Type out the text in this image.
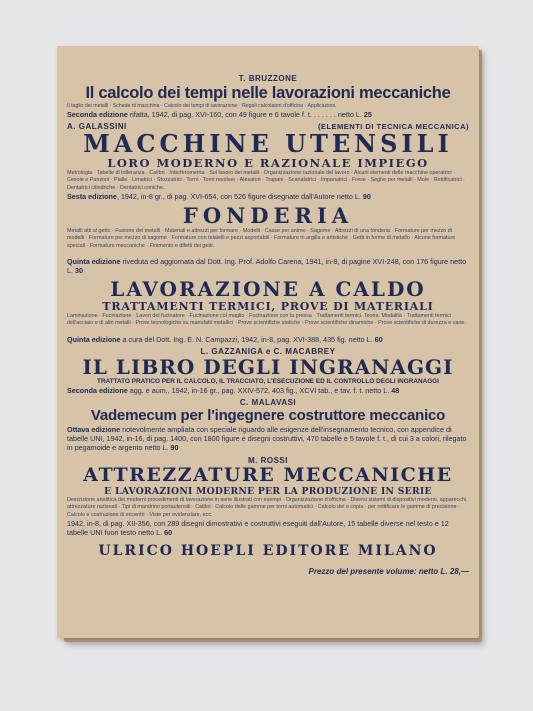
T. BRUZZONE
Il calcolo dei tempi nelle lavorazioni meccaniche
Il taglio dei metalli · Schede di macchina · Calcolo dei tempi di lavorazione · Regoli calcolatori d'officina · Applicazioni.
Seconda edizione rifatta, 1942, di pag. XVI-160, con 49 figure e 6 tavole f. t. . . . . . . netto L. 25
A. GALASSINI	(ELEMENTI DI TECNICA MECCANICA)
MACCHINE UTENSILI
LORO MODERNO E RAZIONALE IMPIEGO
Metrologia · Tabelle di tolleranza · Calibri · Interferometria · Sul lavoro dei metalli · Organizzazione razionale del lavoro · Alcuni elementi delle macchine operatrici · Cesoie e Punzoni · Pialle · Limatrici · Stozzatrici · Torni · Torni revolver · Alesatori · Trapani · Scanalatrici · Impanatrici · Frese · Seghe per metalli · Mole · Rettificatrici · Dentatrici cilindriche · Dentatrici coniche.
Sesta edizione, 1942, in-8 gr., di pag. XVI-654, con 526 figure disegnate dall'Autore netto L. 90
FONDERIA
Metalli atti al getto · Fusione dei metalli · Materiali e attrezzi per formare · Modelli · Casse per anime · Sagome · Attrezzi di una fonderia · Formature per mezzo di modelli · Formature per mezzo di sagome · Formature con telaielli e pezzi asportabili · Formature in argilla e artistiche · Getti in forme di metallo · Alcune formature speciali · Formature meccaniche · Finimento e difetti dei getti.
Quinta edizione riveduta ed aggiornata dal Dott. Ing. Prof. Adolfo Carena, 1941, in-8, di pagine XVI-248, con 176 figure netto L. 30
LAVORAZIONE A CALDO
TRATTAMENTI TERMICI, PROVE DI MATERIALI
Laminazione · Fucinazione · Lavori del fucinatore · Fucinazione col maglio · Fucinazione con la pressa · Trattamenti termici. Teoria. Modalità · Trattamenti termici dell'acciaio e di altri metalli · Prove tecnologiche su manufatti metallici · Prove scientifiche statiche · Prove scientifiche dinamiche · Prove scientifiche di durezza e varie.
Quinta edizione a cura del Dott. Ing. E. N. Campazzi, 1942, in-8, pag. XVI-388, 435 fig. netto L. 60
L. GAZZANIGA e C. MACABREY
IL LIBRO DEGLI INGRANAGGI
TRATTATO PRATICO PER IL CALCOLO, IL TRACCIATO, L'ESECUZIONE ED IL CONTROLLO DEGLI INGRANAGGI
Seconda edizione agg. e aum., 1942, in-16 gr., pag. XXIV-572, 403 fig., XCVI tab., e tav. f. t. netto L. 48
C. MALAVASI
Vademecum per l'ingegnere costruttore meccanico
Ottava edizione notevolmente ampliata con speciale riguardo alle esigenze dell'insegnamento tecnico, con appendice di tabelle UNI, 1942, in-16, di pag. 1400, con 1800 figure e disegni costruttivi, 470 tabelle e 5 tavole f. t., di cui 3 a colori, rilegato in pegamoide e argento netto L. 90
M. ROSSI
ATTREZZATURE MECCANICHE
E LAVORAZIONI MODERNE PER LA PRODUZIONE IN SERIE
Descrizione analitica dei moderni procedimenti di lavorazione in serie illustrati con esempi · Organizzazione d'officina · Diversi sistemi di dispositivi moderni, apparecchi, attrezzature razionali · Tipi di mandrino portautensili · Calibri · Calcolo delle gamme per torni automatici · Calcolo dei e copia · per rettificare le gamme di precisione · Calcolo e costruzione di eccentri · Viste per evidenziare, ecc.
1942, in-8, di pag. XII-356, con 289 disegni dimostrativi e costruttivi eseguiti dall'Autore, 15 tabelle diverse nel testo e 12 tabelle UNI fuori testo netto L. 60
ULRICO HOEPLI EDITORE MILANO
Prezzo del presente volume: netto L. 28,—
